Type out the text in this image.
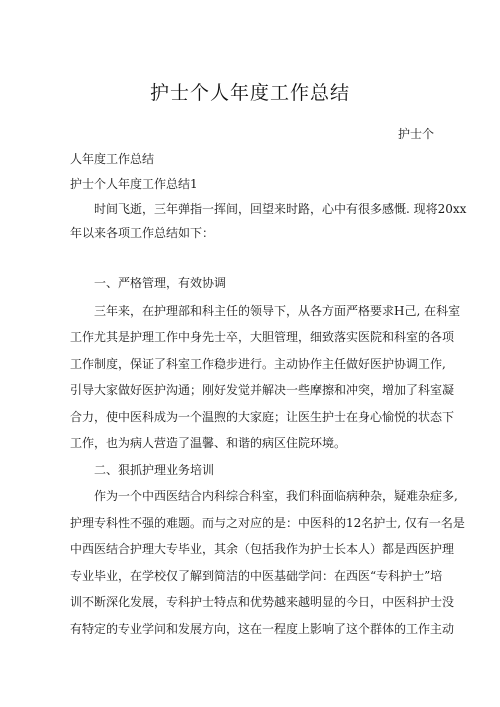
护士个人年度工作总结
护士个
人年度工作总结
护士个人年度工作总结1
时间飞逝，三年弹指一挥间，回望来时路，心中有很多感慨. 现将20xx
年以来各项工作总结如下：
一、严格管理，有效协调
三年来，在护理部和科主任的领导下，从各方面严格要求H己, 在科室
工作尤其是护理工作中身先士卒，大胆管理，细致落实医院和科室的各项
工作制度，保证了科室工作稳步进行。主动协作主任做好医护协调工作,
引导大家做好医护沟通；刚好发觉并解决一些摩擦和冲突，增加了科室凝
合力，使中医科成为一个温煦的大家庭；让医生护士在身心愉悦的状态下
工作，也为病人营造了温馨、和谐的病区住院环境。
二、狠抓护理业务培训
作为一个中西医结合内科综合科室，我们科面临病种杂，疑难杂症多,
护理专科性不强的难题。而与之对应的是：中医科的12名护士, 仅有一名是
中西医结合护理大专毕业，其余（包括我作为护士长本人）都是西医护理
专业毕业，在学校仅了解到简洁的中医基础学问：在西医“专科护士”培
训不断深化发展，专科护士特点和优势越来越明显的今日，中医科护士没
有特定的专业学问和发展方向，这在一程度上影响了这个群体的工作主动
